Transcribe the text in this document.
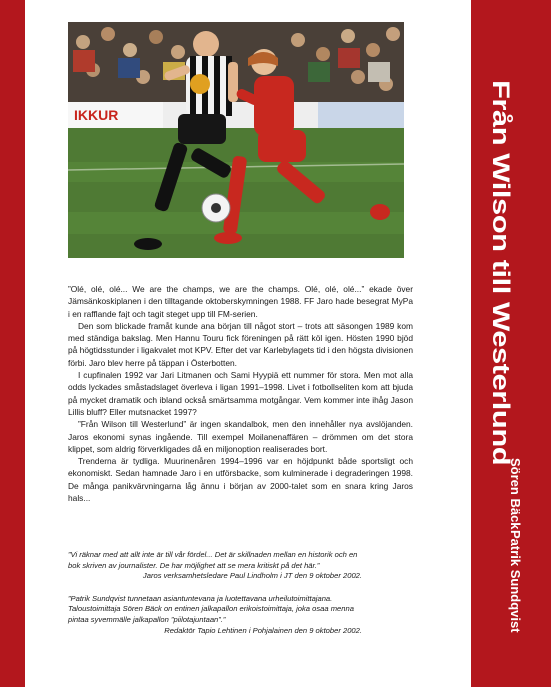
IKKUR

”Olé, olé, olé... We are the champs, we are the champs. Olé, olé, olé...” ekade över Jämsänkoskiplanen i den tilltagande oktoberskymningen 1988. FF Jaro hade besegrat MyPa i en rafflande fajt och tagit steget upp till FM-serien.

Den som blickade framåt kunde ana början till något stort – trots att säsongen 1989 kom med ständiga bakslag. Men Hannu Touru fick föreningen på rätt köl igen. Hösten 1990 bjöd på högtidsstunder i ligakvalet mot KPV. Efter det var Karlebylagets tid i den högsta divisionen förbi. Jaro blev herre på täppan i Österbotten.

I cupfinalen 1992 var Jari Litmanen och Sami Hyypiä ett nummer för stora. Men mot alla odds lyckades småstadslaget överleva i ligan 1991–1998. Livet i fotbollseliten kom att bjuda på mycket dramatik och ibland också smärtsamma motgångar. Vem kommer inte ihåg Jason Lillis bluff? Eller mutsnacket 1997?

”Från Wilson till Westerlund” är ingen skandalbok, men den innehåller nya avslöjanden. Jaros ekonomi synas ingående. Till exempel Moilanenaffären – drömmen om det stora klippet, som aldrig förverkligades då en miljonoption realiserades bort.

Trenderna är tydliga. Muurinenåren 1994–1996 var en höjdpunkt både sportsligt och ekonomiskt. Sedan hamnade Jaro i en utförsbacke, som kulminerade i degraderingen 1998. De många panikvärvningarna låg ännu i början av 2000-talet som en snara kring Jaros hals...

”Vi räknar med att allt inte är till vår fördel... Det är skillnaden mellan en historik och en bok skriven av journalister. De har möjlighet att se mera kritiskt på det här.”
Jaros verksamhetsledare Paul Lindholm i JT den 9 oktober 2002.
”Patrik Sundqvist tunnetaan asiantuntevana ja luotettavana urheilutoimittajana. Taloustoimittaja Sören Bäck on entinen jalkapallon erikoistoimittaja, joka osaa menna pintaa syvemmälle jalkapallon ”piilotajuntaan”.”
Redaktör Tapio Lehtinen i Pohjalainen den 9 oktober 2002.
Från Wilson till Westerlund
Patrik Sundqvist
Sören Bäck
